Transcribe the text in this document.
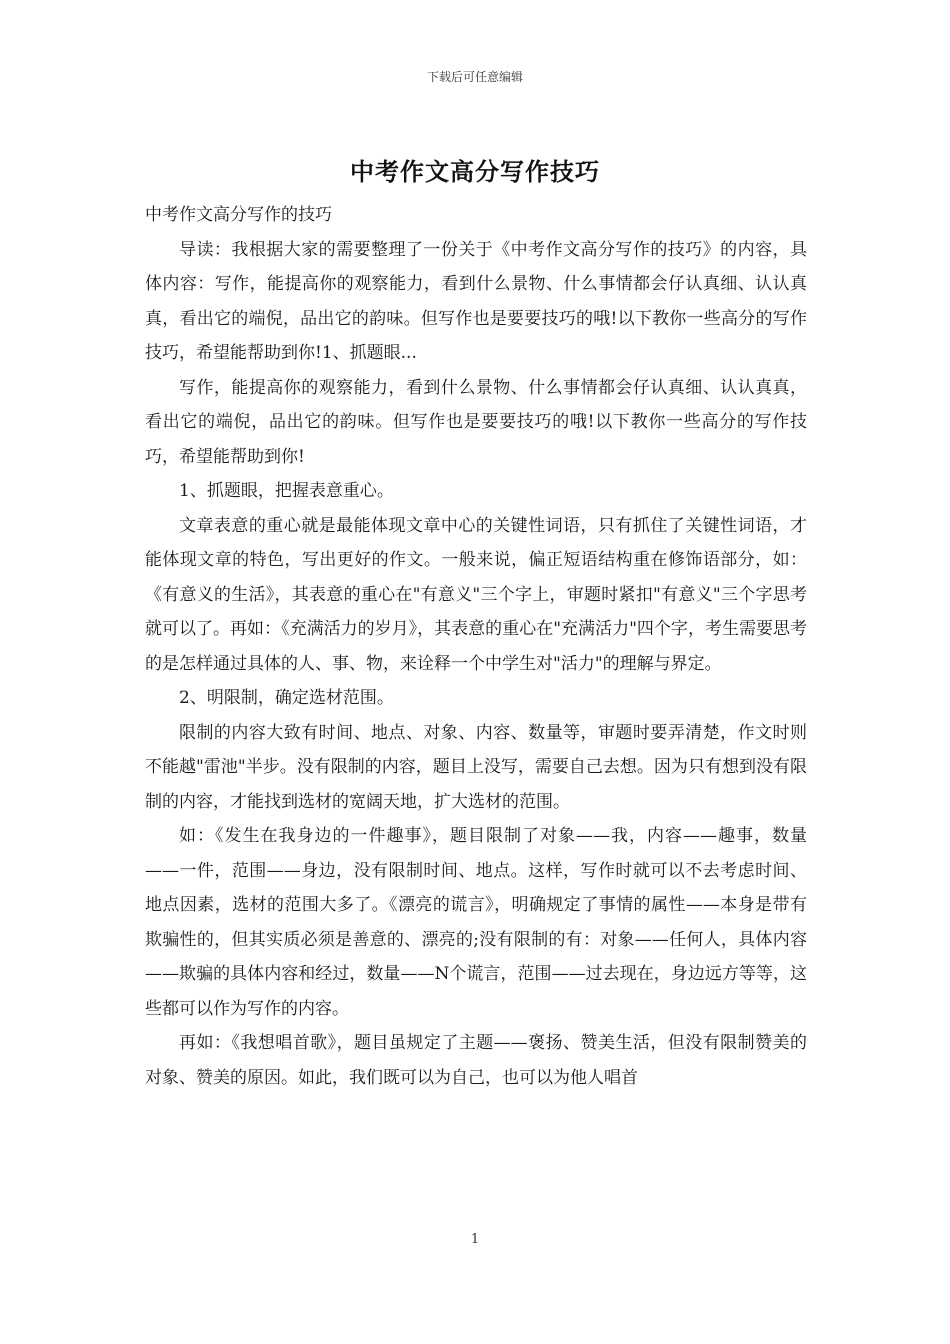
下载后可任意编辑
中考作文高分写作技巧

中考作文高分写作的技巧

导读：我根据大家的需要整理了一份关于《中考作文高分写作的技巧》的内容，具体内容：写作，能提高你的观察能力，看到什么景物、什么事情都会仔认真细、认认真真，看出它的端倪，品出它的韵味。但写作也是要要技巧的哦!以下教你一些高分的写作技巧，希望能帮助到你!1、抓题眼...

写作，能提高你的观察能力，看到什么景物、什么事情都会仔认真细、认认真真，看出它的端倪，品出它的韵味。但写作也是要要技巧的哦!以下教你一些高分的写作技巧，希望能帮助到你!

1、抓题眼，把握表意重心。

文章表意的重心就是最能体现文章中心的关键性词语，只有抓住了关键性词语，才能体现文章的特色，写出更好的作文。一般来说，偏正短语结构重在修饰语部分，如：《有意义的生活》，其表意的重心在"有意义"三个字上，审题时紧扣"有意义"三个字思考就可以了。再如：《充满活力的岁月》，其表意的重心在"充满活力"四个字，考生需要思考的是怎样通过具体的人、事、物，来诠释一个中学生对"活力"的理解与界定。

2、明限制，确定选材范围。

限制的内容大致有时间、地点、对象、内容、数量等，审题时要弄清楚，作文时则不能越"雷池"半步。没有限制的内容，题目上没写，需要自己去想。因为只有想到没有限制的内容，才能找到选材的宽阔天地，扩大选材的范围。

如：《发生在我身边的一件趣事》，题目限制了对象——我，内容——趣事，数量——一件，范围——身边，没有限制时间、地点。这样，写作时就可以不去考虑时间、地点因素，选材的范围大多了。《漂亮的谎言》，明确规定了事情的属性——本身是带有欺骗性的，但其实质必须是善意的、漂亮的;没有限制的有：对象——任何人，具体内容——欺骗的具体内容和经过，数量——N个谎言，范围——过去现在，身边远方等等，这些都可以作为写作的内容。

再如：《我想唱首歌》，题目虽规定了主题——褒扬、赞美生活，但没有限制赞美的对象、赞美的原因。如此，我们既可以为自己，也可以为他人唱首

1
